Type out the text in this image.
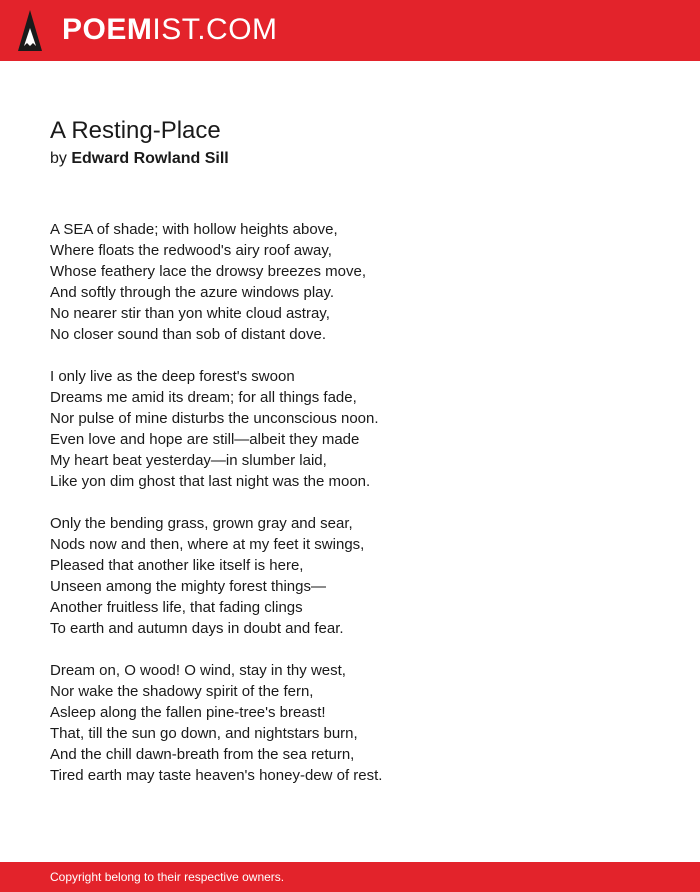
POEMIST.COM
A Resting-Place
by Edward Rowland Sill
A SEA of shade; with hollow heights above,
Where floats the redwood's airy roof away,
Whose feathery lace the drowsy breezes move,
And softly through the azure windows play.
No nearer stir than yon white cloud astray,
No closer sound than sob of distant dove.
I only live as the deep forest's swoon
Dreams me amid its dream; for all things fade,
Nor pulse of mine disturbs the unconscious noon.
Even love and hope are still—albeit they made
My heart beat yesterday—in slumber laid,
Like yon dim ghost that last night was the moon.
Only the bending grass, grown gray and sear,
Nods now and then, where at my feet it swings,
Pleased that another like itself is here,
Unseen among the mighty forest things—
Another fruitless life, that fading clings
To earth and autumn days in doubt and fear.
Dream on, O wood! O wind, stay in thy west,
Nor wake the shadowy spirit of the fern,
Asleep along the fallen pine-tree's breast!
That, till the sun go down, and nightstars burn,
And the chill dawn-breath from the sea return,
Tired earth may taste heaven's honey-dew of rest.
Copyright belong to their respective owners.
